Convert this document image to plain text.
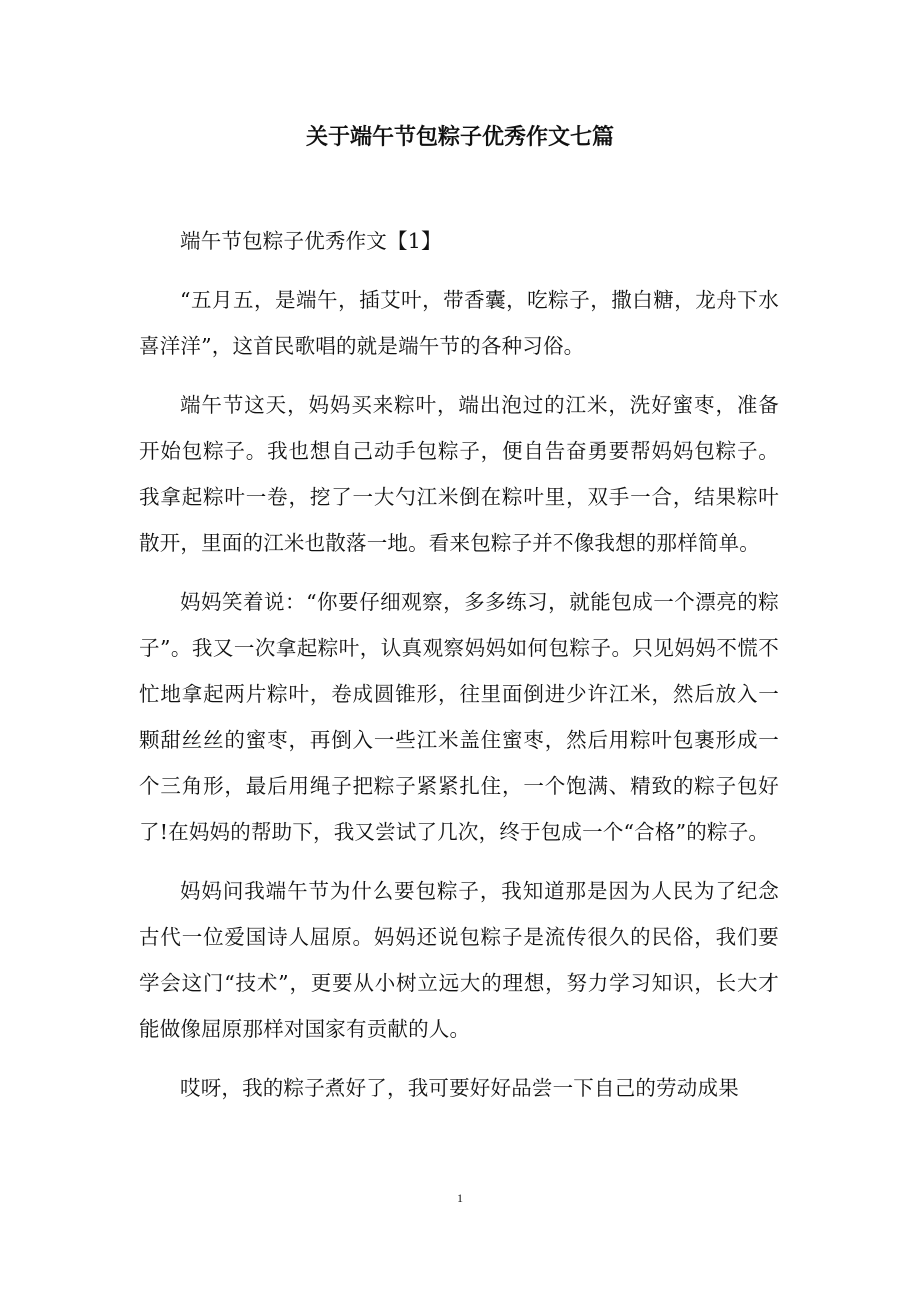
关于端午节包粽子优秀作文七篇

端午节包粽子优秀作文【1】

“五月五，是端午，插艾叶，带香囊，吃粽子，撒白糖，龙舟下水喜洋洋”，这首民歌唱的就是端午节的各种习俗。

端午节这天，妈妈买来粽叶，端出泡过的江米，洗好蜜枣，准备开始包粽子。我也想自己动手包粽子，便自告奋勇要帮妈妈包粽子。我拿起粽叶一卷，挖了一大勺江米倒在粽叶里，双手一合，结果粽叶散开，里面的江米也散落一地。看来包粽子并不像我想的那样简单。

妈妈笑着说：“你要仔细观察，多多练习，就能包成一个漂亮的粽子”。我又一次拿起粽叶，认真观察妈妈如何包粽子。只见妈妈不慌不忙地拿起两片粽叶，卷成圆锥形，往里面倒进少许江米，然后放入一颗甜丝丝的蜜枣，再倒入一些江米盖住蜜枣，然后用粽叶包裹形成一个三角形，最后用绳子把粽子紧紧扎住，一个饱满、精致的粽子包好了!在妈妈的帮助下，我又尝试了几次，终于包成一个“合格”的粽子。

妈妈问我端午节为什么要包粽子，我知道那是因为人民为了纪念古代一位爱国诗人屈原。妈妈还说包粽子是流传很久的民俗，我们要学会这门“技术”，更要从小树立远大的理想，努力学习知识，长大才能做像屈原那样对国家有贡献的人。

哎呀，我的粽子煮好了，我可要好好品尝一下自己的劳动成果

1
